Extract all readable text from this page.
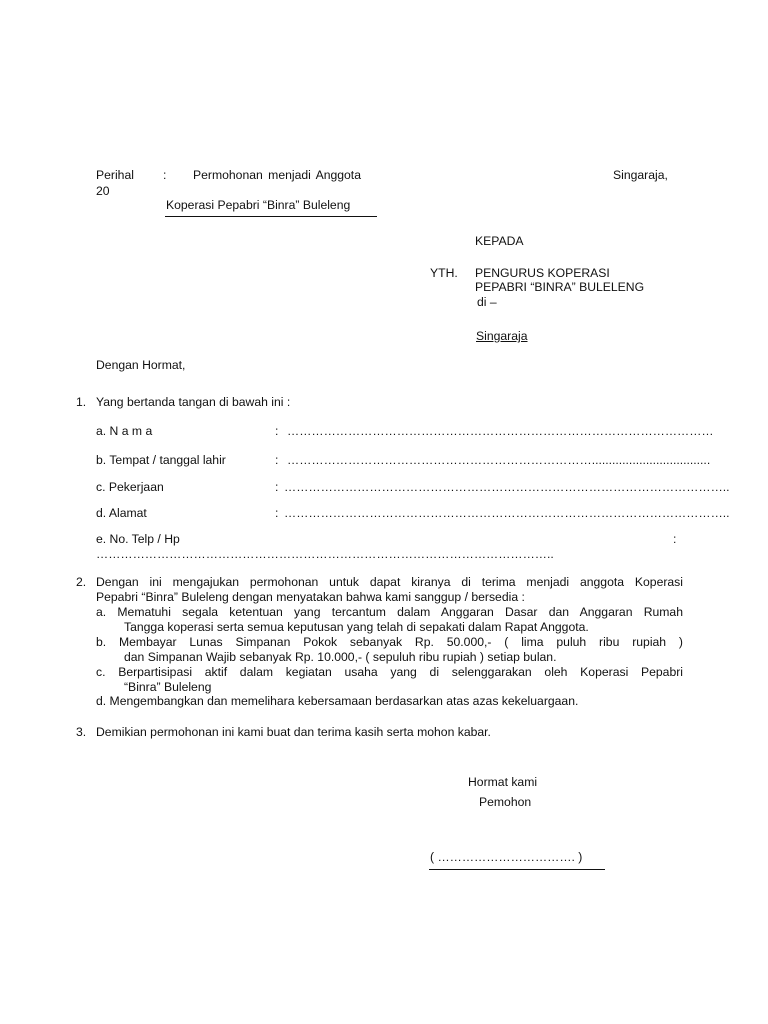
Perihal : Permohonan menjadi Anggota	Singaraja,
20
Koperasi Pepabri “Binra” Buleleng
KEPADA
YTH. PENGURUS KOPERASI
PEPABRI “BINRA” BULELENG
di –
Singaraja
Dengan Hormat,
1. Yang bertanda tangan di bawah ini :
a. N a m a	: ……………………………………………………………………………………………
b. Tempat / tanggal lahir	: …………………………………………………………………...................................
c. Pekerjaan	: ………………………………………………………………………………………………..
d. Alamat	: ………………………………………………………………………………………………..
e. No. Telp / Hp	:
…………………………………………………………………………………………………..
2. Dengan ini mengajukan permohonan untuk dapat kiranya di terima menjadi anggota Koperasi
Pepabri “Binra” Buleleng dengan menyatakan bahwa kami sanggup / bersedia :
a. Mematuhi segala ketentuan yang tercantum dalam Anggaran Dasar dan Anggaran Rumah
Tangga koperasi serta semua keputusan yang telah di sepakati dalam Rapat Anggota.
b. Membayar Lunas Simpanan Pokok sebanyak Rp. 50.000,- ( lima puluh ribu rupiah )
dan Simpanan Wajib sebanyak Rp. 10.000,- ( sepuluh ribu rupiah ) setiap bulan.
c. Berpartisipasi aktif dalam kegiatan usaha yang di selenggarakan oleh Koperasi Pepabri
“Binra” Buleleng
d. Mengembangkan dan memelihara kebersamaan berdasarkan atas azas kekeluargaan.
3. Demikian permohonan ini kami buat dan terima kasih serta mohon kabar.
Hormat kami
Pemohon
( ……………………………. )
